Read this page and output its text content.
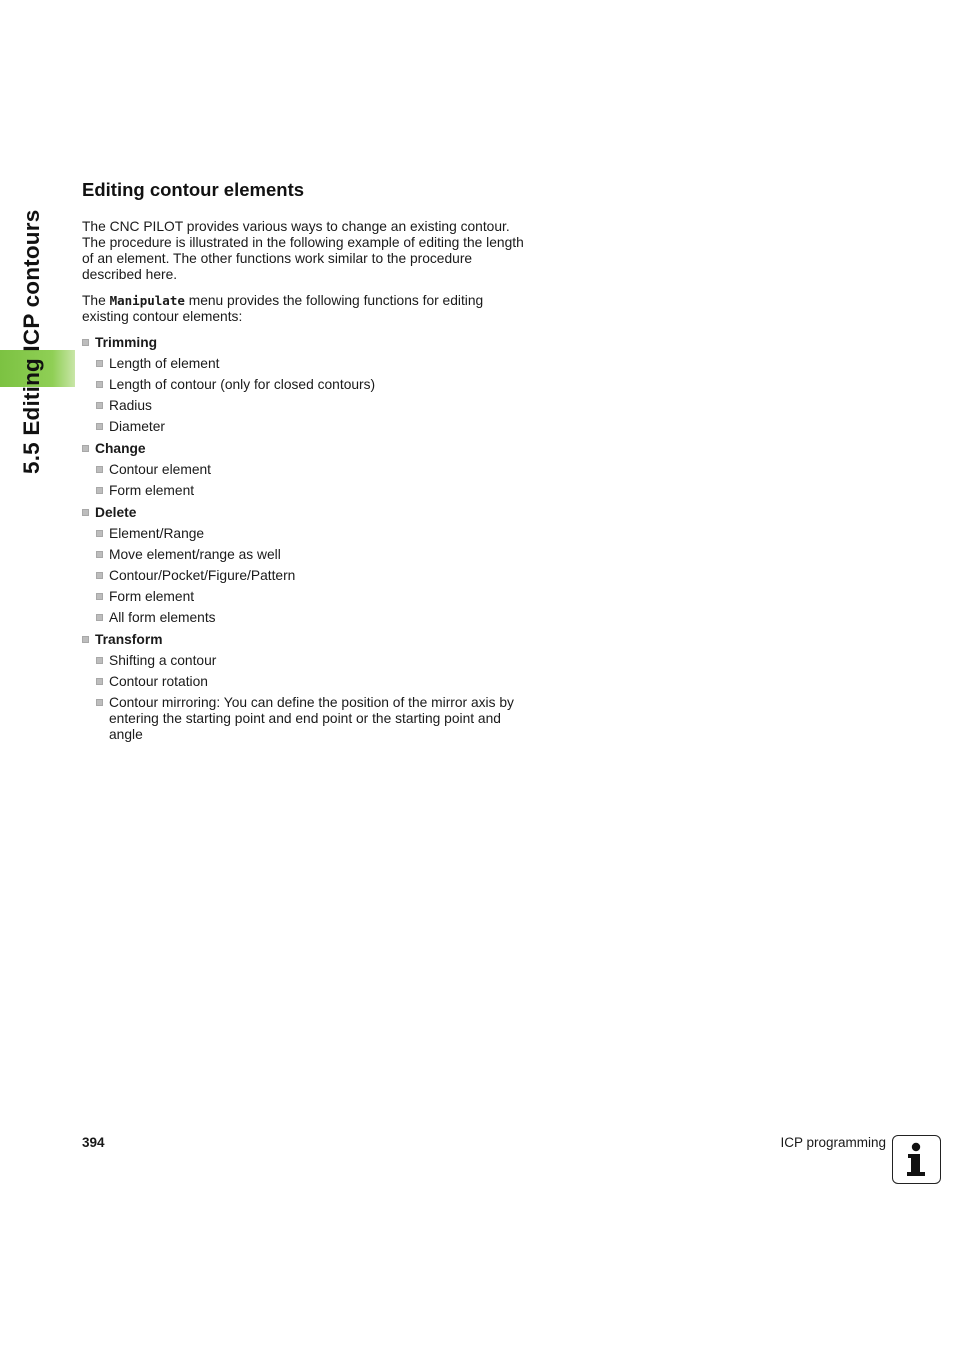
5.5 Editing ICP contours
Editing contour elements

The CNC PILOT provides various ways to change an existing contour. The procedure is illustrated in the following example of editing the length of an element. The other functions work similar to the procedure described here.

The Manipulate menu provides the following functions for editing existing contour elements:

Trimming
Length of element
Length of contour (only for closed contours)
Radius
Diameter
Change
Contour element
Form element
Delete
Element/Range
Move element/range as well
Contour/Pocket/Figure/Pattern
Form element
All form elements
Transform
Shifting a contour
Contour rotation
Contour mirroring: You can define the position of the mirror axis by entering the starting point and end point or the starting point and angle
394	ICP programming
